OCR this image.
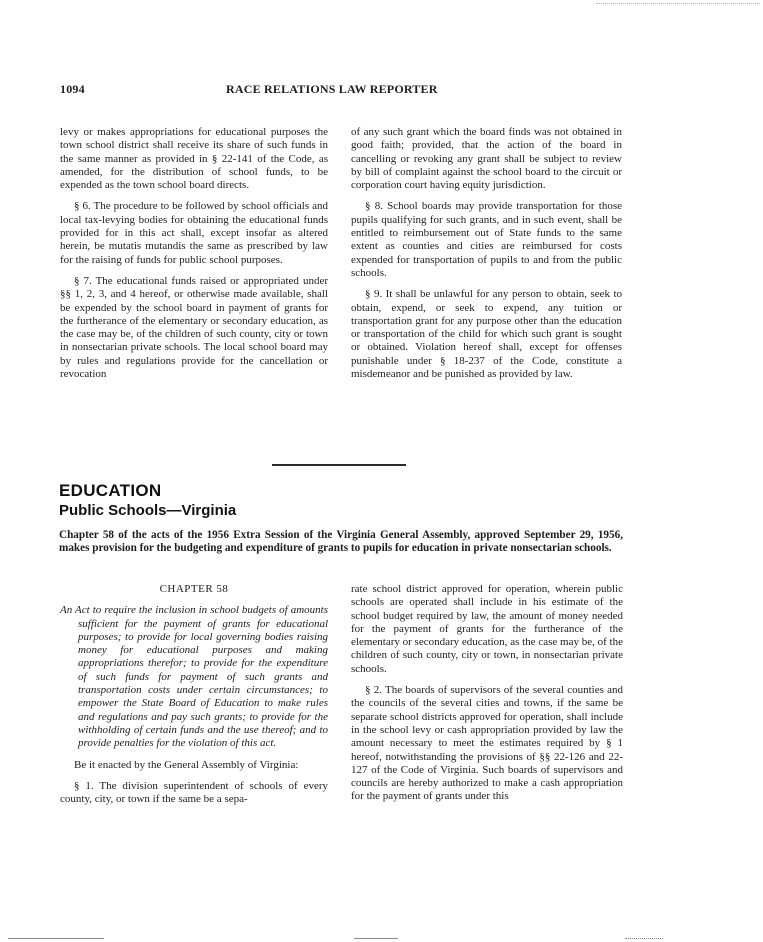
1094	RACE RELATIONS LAW REPORTER

levy or makes appropriations for educational purposes the town school district shall receive its share of such funds in the same manner as provided in § 22-141 of the Code, as amended, for the distribution of school funds, to be expended as the town school board directs.

§ 6. The procedure to be followed by school officials and local tax-levying bodies for obtaining the educational funds provided for in this act shall, except insofar as altered herein, be mutatis mutandis the same as prescribed by law for the raising of funds for public school purposes.

§ 7. The educational funds raised or appropriated under §§ 1, 2, 3, and 4 hereof, or otherwise made available, shall be expended by the school board in payment of grants for the furtherance of the elementary or secondary education, as the case may be, of the children of such county, city or town in nonsectarian private schools. The local school board may by rules and regulations provide for the cancellation or revocation

of any such grant which the board finds was not obtained in good faith; provided, that the action of the board in cancelling or revoking any grant shall be subject to review by bill of complaint against the school board to the circuit or corporation court having equity jurisdiction.

§ 8. School boards may provide transportation for those pupils qualifying for such grants, and in such event, shall be entitled to reimbursement out of State funds to the same extent as counties and cities are reimbursed for costs expended for transportation of pupils to and from the public schools.

§ 9. It shall be unlawful for any person to obtain, seek to obtain, expend, or seek to expend, any tuition or transportation grant for any purpose other than the education or transportation of the child for which such grant is sought or obtained. Violation hereof shall, except for offenses punishable under § 18-237 of the Code, constitute a misdemeanor and be punished as provided by law.

EDUCATION
Public Schools—Virginia
Chapter 58 of the acts of the 1956 Extra Session of the Virginia General Assembly, approved September 29, 1956, makes provision for the budgeting and expenditure of grants to pupils for education in private nonsectarian schools.

CHAPTER 58

An Act to require the inclusion in school budgets of amounts sufficient for the payment of grants for educational purposes; to provide for local governing bodies raising money for educational purposes and making appropriations therefor; to provide for the expenditure of such funds for payment of such grants and transportation costs under certain circumstances; to empower the State Board of Education to make rules and regulations and pay such grants; to provide for the withholding of certain funds and the use thereof; and to provide penalties for the violation of this act.

Be it enacted by the General Assembly of Virginia:

§ 1. The division superintendent of schools of every county, city, or town if the same be a sepa-

rate school district approved for operation, wherein public schools are operated shall include in his estimate of the school budget required by law, the amount of money needed for the payment of grants for the furtherance of the elementary or secondary education, as the case may be, of the children of such county, city or town, in nonsectarian private schools.

§ 2. The boards of supervisors of the several counties and the councils of the several cities and towns, if the same be separate school districts approved for operation, shall include in the school levy or cash appropriation provided by law the amount necessary to meet the estimates required by § 1 hereof, notwithstanding the provisions of §§ 22-126 and 22-127 of the Code of Virginia. Such boards of supervisors and councils are hereby authorized to make a cash appropriation for the payment of grants under this
